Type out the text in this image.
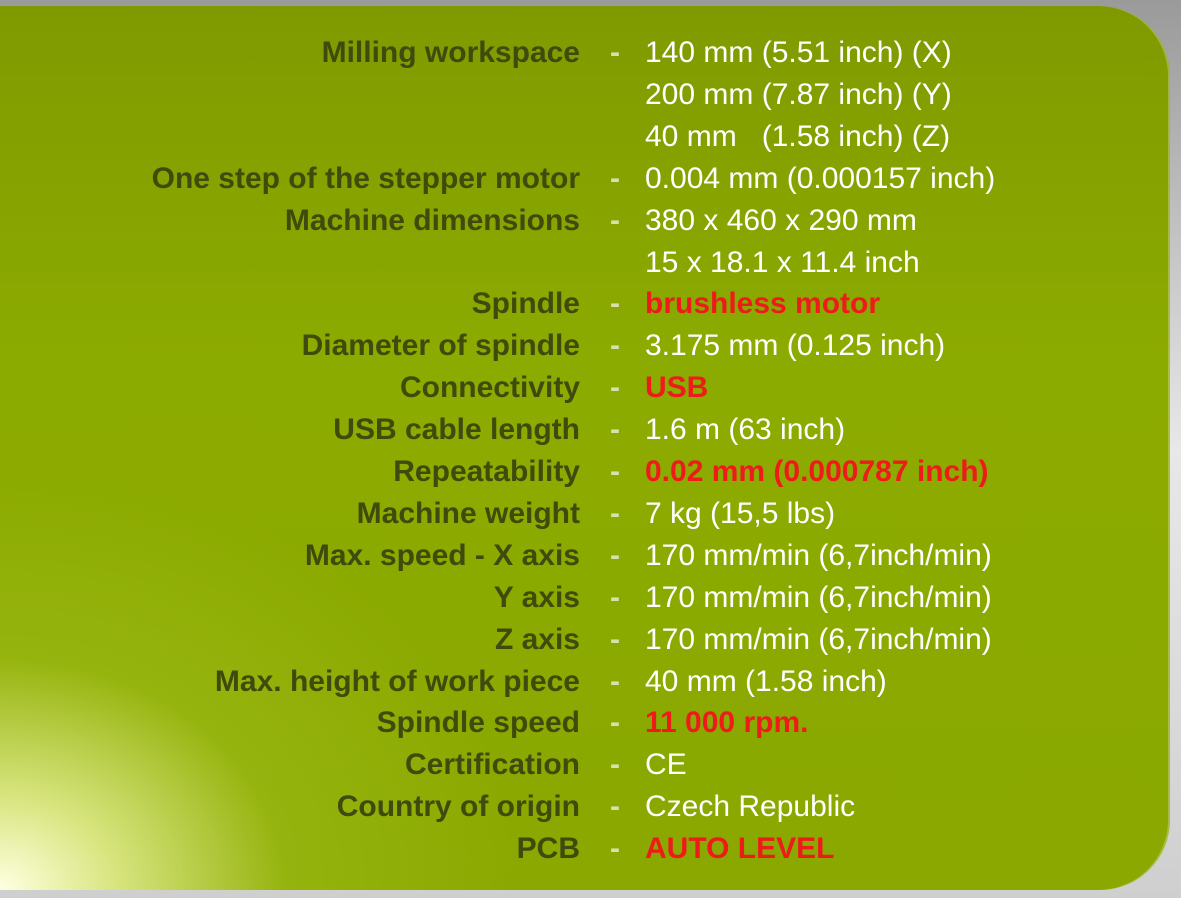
Milling workspace - 140 mm (5.51 inch) (X)
200 mm (7.87 inch) (Y)
40 mm   (1.58 inch) (Z)
One step of the stepper motor - 0.004 mm (0.000157 inch)
Machine dimensions - 380 x 460 x 290 mm
15 x 18.1 x 11.4 inch
Spindle - brushless motor
Diameter of spindle - 3.175 mm (0.125 inch)
Connectivity - USB
USB cable length - 1.6 m (63 inch)
Repeatability - 0.02 mm (0.000787 inch)
Machine weight - 7 kg (15,5 lbs)
Max. speed - X axis - 170 mm/min (6,7inch/min)
Y axis - 170 mm/min (6,7inch/min)
Z axis - 170 mm/min (6,7inch/min)
Max. height of work piece - 40 mm (1.58 inch)
Spindle speed - 11 000 rpm.
Certification - CE
Country of origin - Czech Republic
PCB - AUTO LEVEL
